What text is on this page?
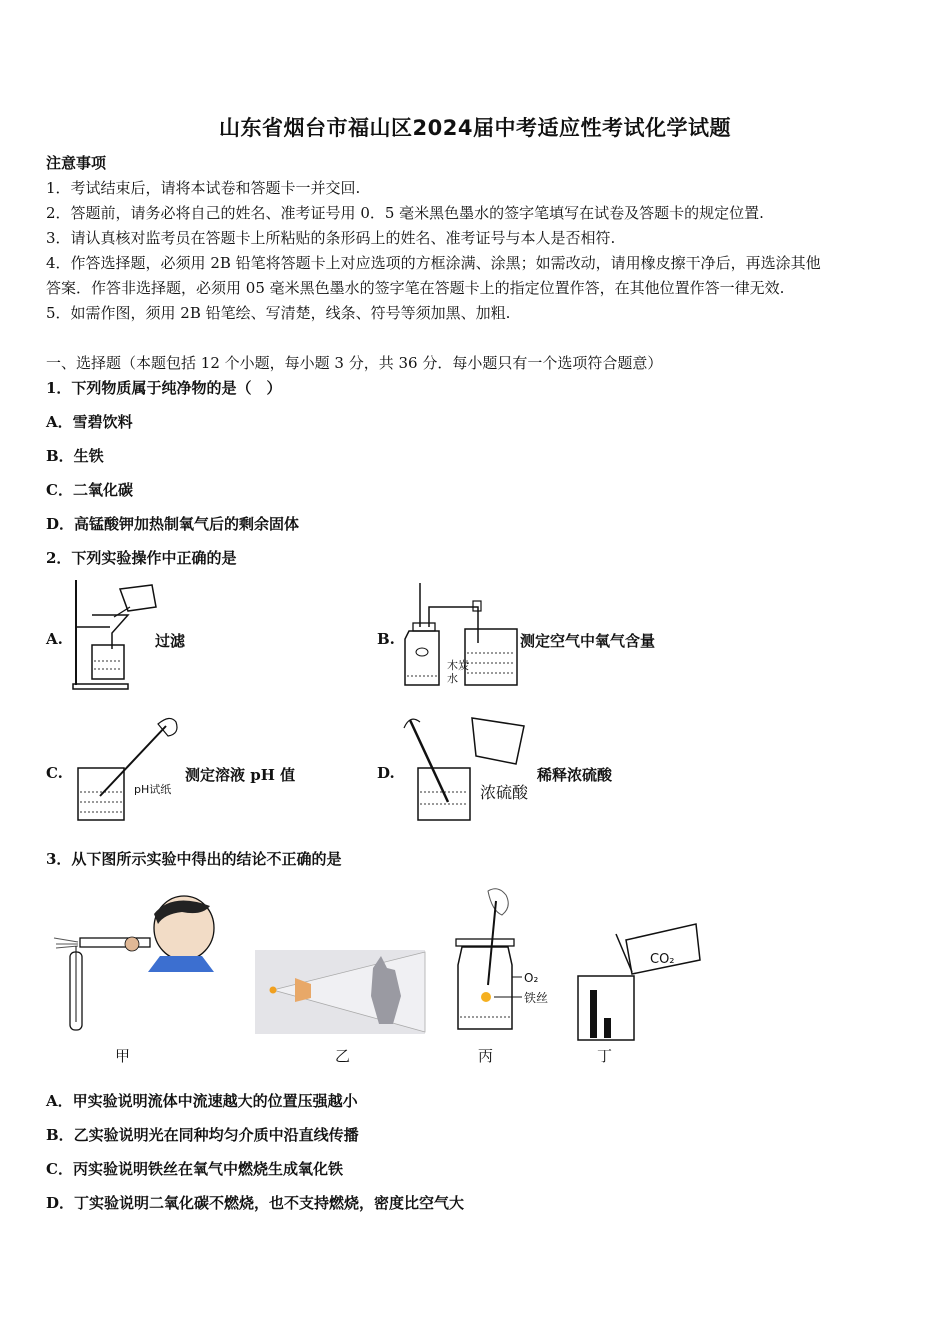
山东省烟台市福山区2024届中考适应性考试化学试题
注意事项
1．考试结束后，请将本试卷和答题卡一并交回.
2．答题前，请务必将自己的姓名、准考证号用 0．5 毫米黑色墨水的签字笔填写在试卷及答题卡的规定位置.
3．请认真核对监考员在答题卡上所粘贴的条形码上的姓名、准考证号与本人是否相符.
4．作答选择题，必须用 2B 铅笔将答题卡上对应选项的方框涂满、涂黑；如需改动，请用橡皮擦干净后，再选涂其他
答案．作答非选择题，必须用 05 毫米黑色墨水的签字笔在答题卡上的指定位置作答，在其他位置作答一律无效.
5．如需作图，须用 2B 铅笔绘、写清楚，线条、符号等须加黑、加粗.
一、选择题（本题包括 12 个小题，每小题 3 分，共 36 分．每小题只有一个选项符合题意）
1．下列物质属于纯净物的是（　）
A．雪碧饮料
B．生铁
C．二氧化碳
D．高锰酸钾加热制氧气后的剩余固体
2．下列实验操作中正确的是
A.	过滤	B.	测定空气中氧气含量
C.	测定溶液 pH 值	D.	稀释浓硫酸
木炭
水
pH试纸	浓硫酸
3．从下图所示实验中得出的结论不正确的是
甲	乙
O₂
铁丝
丙
CO₂
丁
A．甲实验说明流体中流速越大的位置压强越小
B．乙实验说明光在同种均匀介质中沿直线传播
C．丙实验说明铁丝在氧气中燃烧生成氧化铁
D．丁实验说明二氧化碳不燃烧，也不支持燃烧，密度比空气大
